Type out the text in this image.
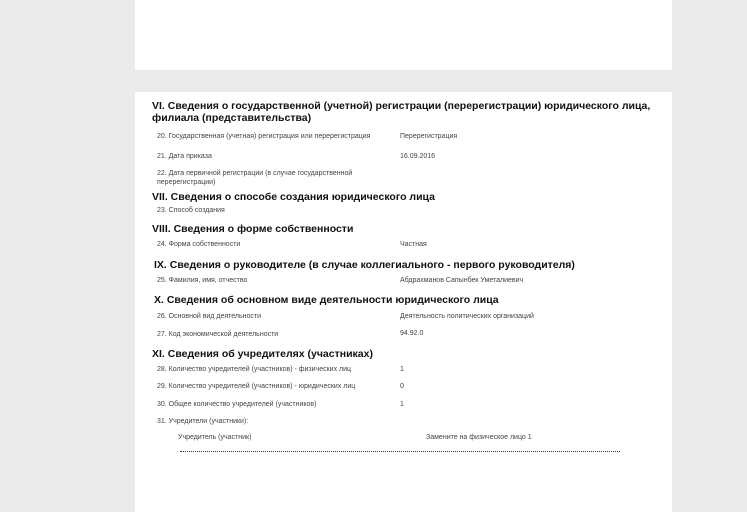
VI. Сведения о государственной (учетной) регистрации (перерегистрации) юридического лица, филиала (представительства)
20. Государственная (учетная) регистрация или перерегистрация	Перерегистрация
21. Дата приказа	16.09.2016
22. Дата первичной регистрации (в случае государственной перерегистрации)
VII. Сведения о способе создания юридического лица
23. Способ создания
VIII. Сведения о форме собственности
24. Форма собственности	Частная
IX. Сведения о руководителе (в случае коллегиального - первого руководителя)
25. Фамилия, имя, отчество	Абдрахманов Сапынбек Уметалиевич
X. Сведения об основном виде деятельности юридического лица
26. Основной вид деятельности	Деятельность политических организаций
27. Код экономической деятельности	94.92.0
XI. Сведения об учредителях (участниках)
28. Количество учредителей (участников) - физических лиц	1
29. Количество учредителей (участников) - юридических лиц	0
30. Общее количество учредителей (участников)	1
31. Учредители (участники):
Учредитель (участник)	Замените на физическое лицо 1
